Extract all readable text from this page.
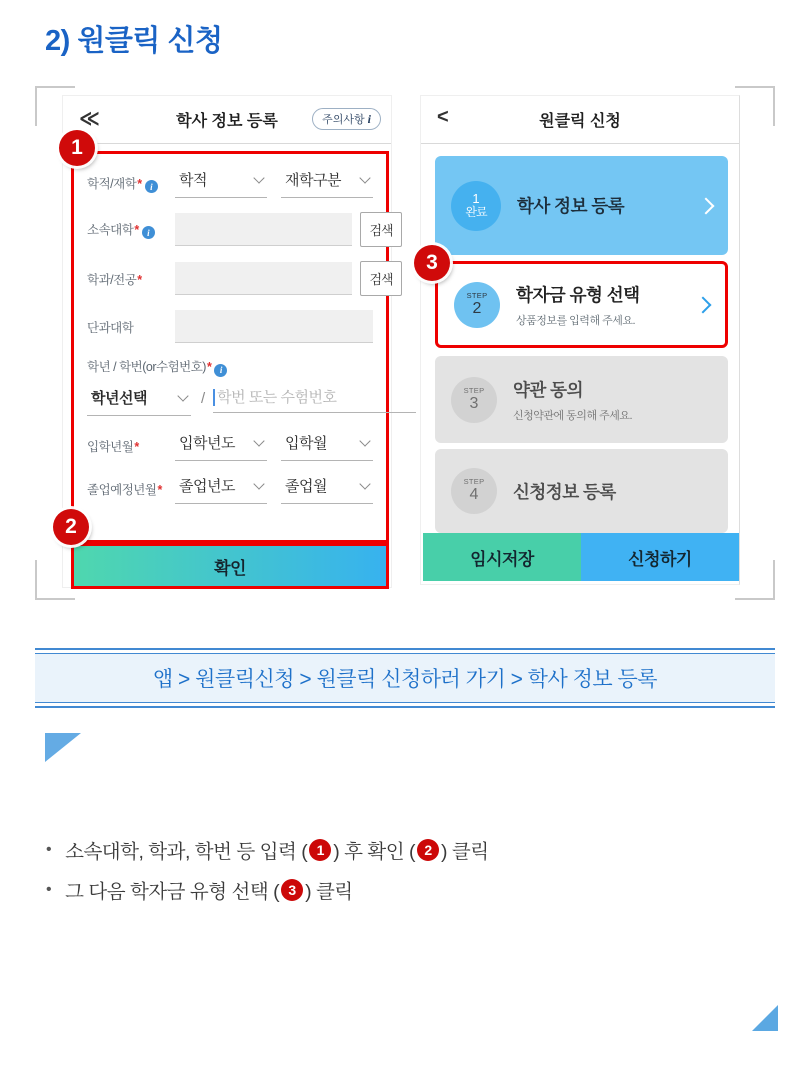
2) 원클릭 신청
≪	학사 정보 등록	주의사항 i
학적/재학* i	학적	재학구분
소속대학* i	검색
학과/전공*	검색
단과대학
학년 / 학번(or수험번호)* i
학년선택	/
학번 또는 수험번호
입학년월*	입학년도	입학월
졸업예정년월*	졸업년도	졸업월
확인
<	원클릭 신청
1
완료 학사 정보 등록
STEP
2
학자금 유형 선택
상품정보를 입력해 주세요.
STEP
3
약관 동의
신청약관에 동의해 주세요.
STEP
4 신청정보 등록
임시저장	신청하기
1
2
3
앱 > 원클릭신청 > 원클릭 신청하러 가기 > 학사 정보 등록
• 소속대학, 학과, 학번 등 입력 ( 1 ) 후 확인 ( 2 ) 클릭
• 그 다음 학자금 유형 선택 ( 3 ) 클릭
